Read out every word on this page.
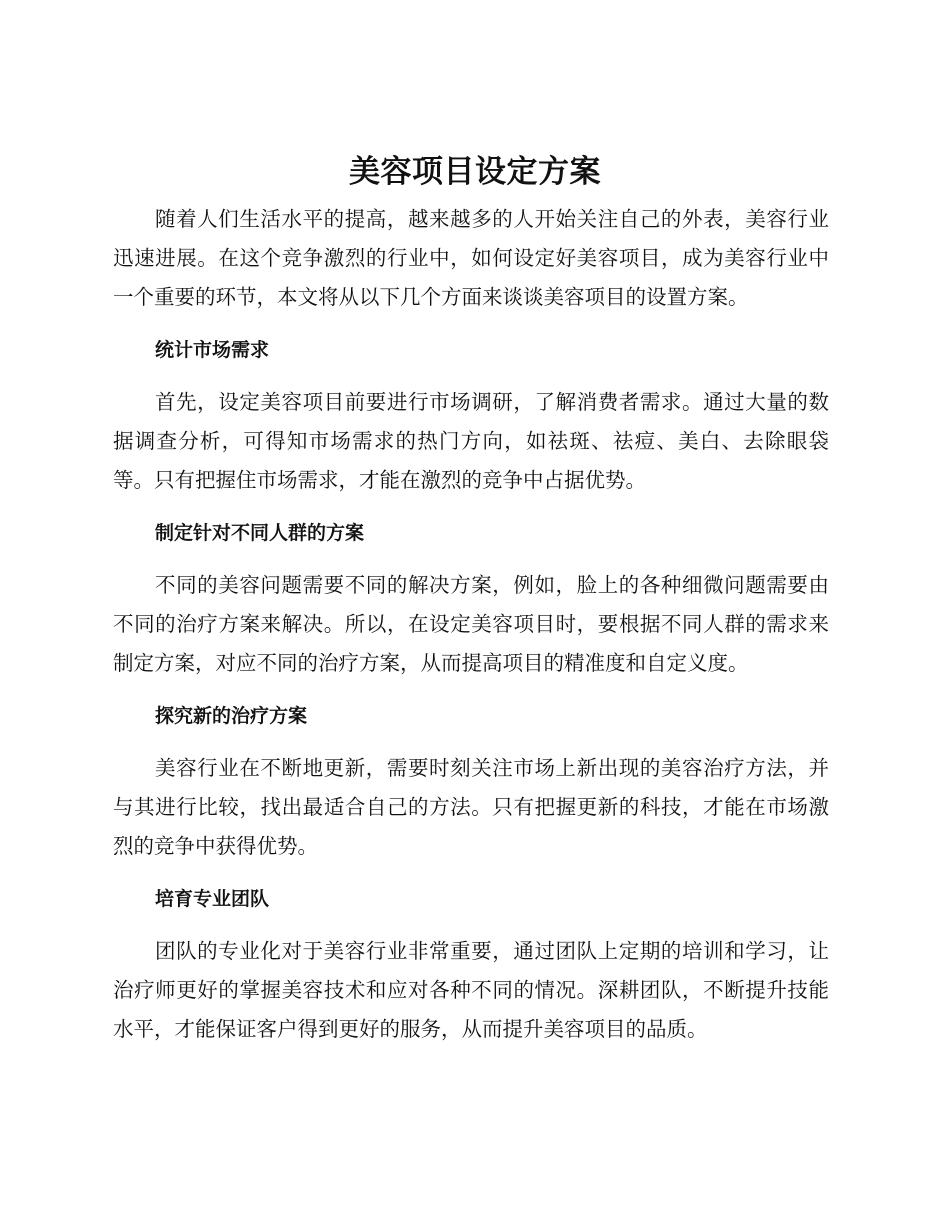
美容项目设定方案

随着人们生活水平的提高，越来越多的人开始关注自己的外表，美容行业迅速进展。在这个竞争激烈的行业中，如何设定好美容项目，成为美容行业中一个重要的环节，本文将从以下几个方面来谈谈美容项目的设置方案。

统计市场需求

首先，设定美容项目前要进行市场调研，了解消费者需求。通过大量的数据调查分析，可得知市场需求的热门方向，如祛斑、祛痘、美白、去除眼袋等。只有把握住市场需求，才能在激烈的竞争中占据优势。

制定针对不同人群的方案

不同的美容问题需要不同的解决方案，例如，脸上的各种细微问题需要由不同的治疗方案来解决。所以，在设定美容项目时，要根据不同人群的需求来制定方案，对应不同的治疗方案，从而提高项目的精准度和自定义度。

探究新的治疗方案

美容行业在不断地更新，需要时刻关注市场上新出现的美容治疗方法，并与其进行比较，找出最适合自己的方法。只有把握更新的科技，才能在市场激烈的竞争中获得优势。

培育专业团队

团队的专业化对于美容行业非常重要，通过团队上定期的培训和学习，让治疗师更好的掌握美容技术和应对各种不同的情况。深耕团队，不断提升技能水平，才能保证客户得到更好的服务，从而提升美容项目的品质。
